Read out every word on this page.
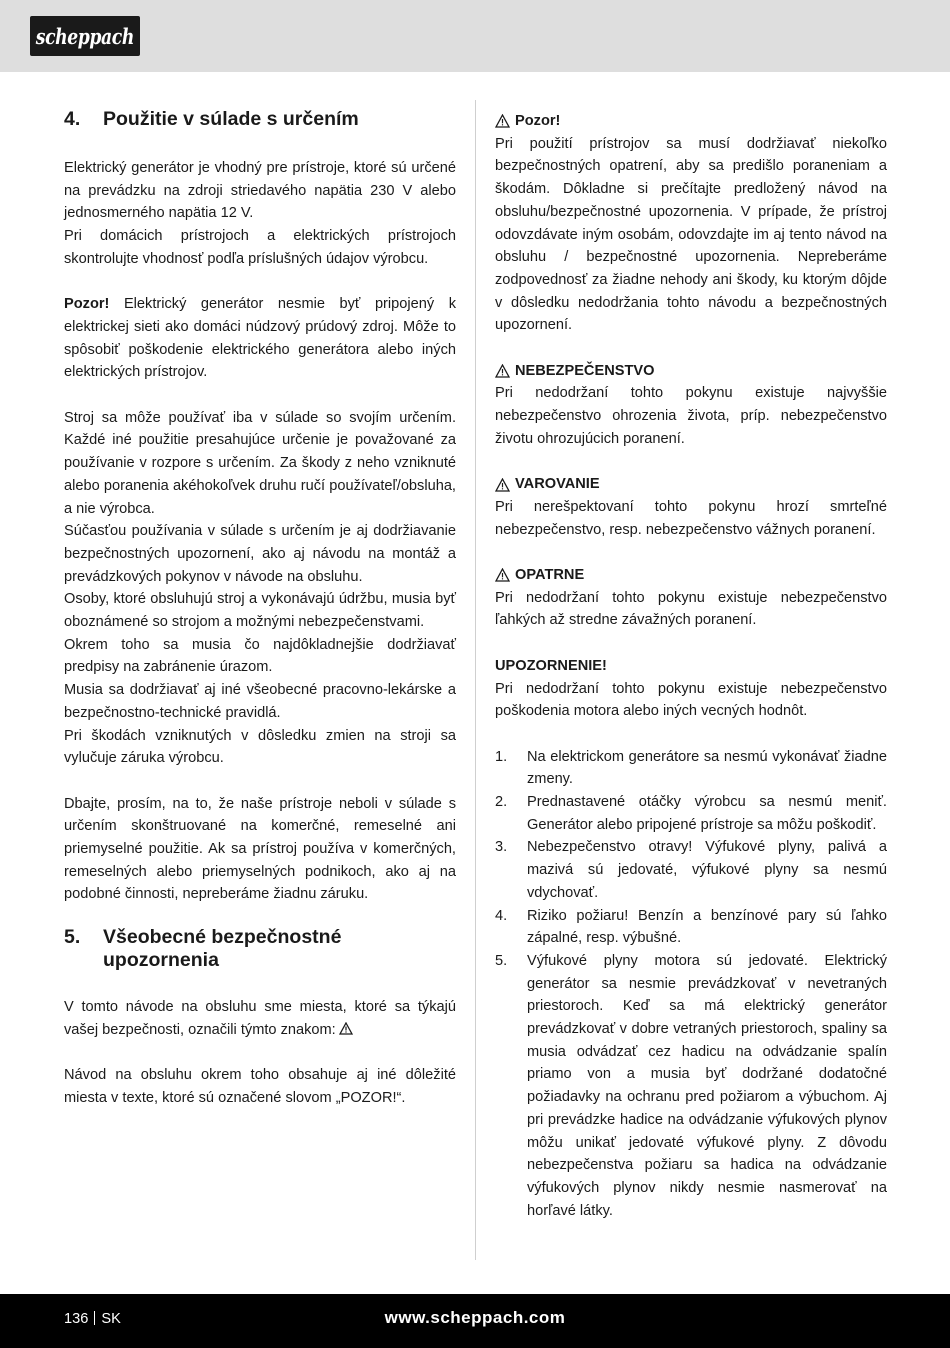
scheppach
4.	Použitie v súlade s určením

Elektrický generátor je vhodný pre prístroje, ktoré sú určené na prevádzku na zdroji striedavého napätia 230 V alebo jednosmerného napätia 12 V.

Pri domácich prístrojoch a elektrických prístrojoch skontrolujte vhodnosť podľa príslušných údajov výrobcu.

Pozor! Elektrický generátor nesmie byť pripojený k elektrickej sieti ako domáci núdzový prúdový zdroj. Môže to spôsobiť poškodenie elektrického generátora alebo iných elektrických prístrojov.

Stroj sa môže používať iba v súlade so svojím určením. Každé iné použitie presahujúce určenie je považované za používanie v rozpore s určením. Za škody z neho vzniknuté alebo poranenia akéhokoľvek druhu ručí používateľ/obsluha, a nie výrobca.

Súčasťou používania v súlade s určením je aj dodržiavanie bezpečnostných upozornení, ako aj návodu na montáž a prevádzkových pokynov v návode na obsluhu.

Osoby, ktoré obsluhujú stroj a vykonávajú údržbu, musia byť oboznámené so strojom a možnými nebezpečenstvami.

Okrem toho sa musia čo najdôkladnejšie dodržiavať predpisy na zabránenie úrazom.

Musia sa dodržiavať aj iné všeobecné pracovno-lekárske a bezpečnostno-technické pravidlá.

Pri škodách vzniknutých v dôsledku zmien na stroji sa vylučuje záruka výrobcu.

Dbajte, prosím, na to, že naše prístroje neboli v súlade s určením skonštruované na komerčné, remeselné ani priemyselné použitie. Ak sa prístroj používa v komerčných, remeselných alebo priemyselných podnikoch, ako aj na podobné činnosti, nepreberáme žiadnu záruku.

5.	Všeobecné bezpečnostné upozornenia

V tomto návode na obsluhu sme miesta, ktoré sa týkajú vašej bezpečnosti, označili týmto znakom:

Návod na obsluhu okrem toho obsahuje aj iné dôležité miesta v texte, ktoré sú označené slovom „POZOR!“.

Pozor!

Pri použití prístrojov sa musí dodržiavať niekoľko bezpečnostných opatrení, aby sa predišlo poraneniam a škodám. Dôkladne si prečítajte predložený návod na obsluhu/bezpečnostné upozornenia. V prípade, že prístroj odovzdávate iným osobám, odovzdajte im aj tento návod na obsluhu / bezpečnostné upozornenia. Nepreberáme zodpovednosť za žiadne nehody ani škody, ku ktorým dôjde v dôsledku nedodržania tohto návodu a bezpečnostných upozornení.

NEBEZPEČENSTVO

Pri nedodržaní tohto pokynu existuje najvyššie nebezpečenstvo ohrozenia života, príp. nebezpečenstvo životu ohrozujúcich poranení.

VAROVANIE

Pri nerešpektovaní tohto pokynu hrozí smrteľné nebezpečenstvo, resp. nebezpečenstvo vážnych poranení.

OPATRNE

Pri nedodržaní tohto pokynu existuje nebezpečenstvo ľahkých až stredne závažných poranení.

UPOZORNENIE!

Pri nedodržaní tohto pokynu existuje nebezpečenstvo poškodenia motora alebo iných vecných hodnôt.

1.	Na elektrickom generátore sa nesmú vykonávať žiadne zmeny.
2.	Prednastavené otáčky výrobcu sa nesmú meniť. Generátor alebo pripojené prístroje sa môžu poškodiť.
3.	Nebezpečenstvo otravy! Výfukové plyny, palivá a mazivá sú jedovaté, výfukové plyny sa nesmú vdychovať.
4.	Riziko požiaru! Benzín a benzínové pary sú ľahko zápalné, resp. výbušné.
5.	Výfukové plyny motora sú jedovaté. Elektrický generátor sa nesmie prevádzkovať v nevetraných priestoroch. Keď sa má elektrický generátor prevádzkovať v dobre vetraných priestoroch, spaliny sa musia odvádzať cez hadicu na odvádzanie spalín priamo von a musia byť dodržané dodatočné požiadavky na ochranu pred požiarom a výbuchom. Aj pri prevádzke hadice na odvádzanie výfukových plynov môžu unikať jedovaté výfukové plyny. Z dôvodu nebezpečenstva požiaru sa hadica na odvádzanie výfukových plynov nikdy nesmie nasmerovať na horľavé látky.
136 SK	www.scheppach.com
